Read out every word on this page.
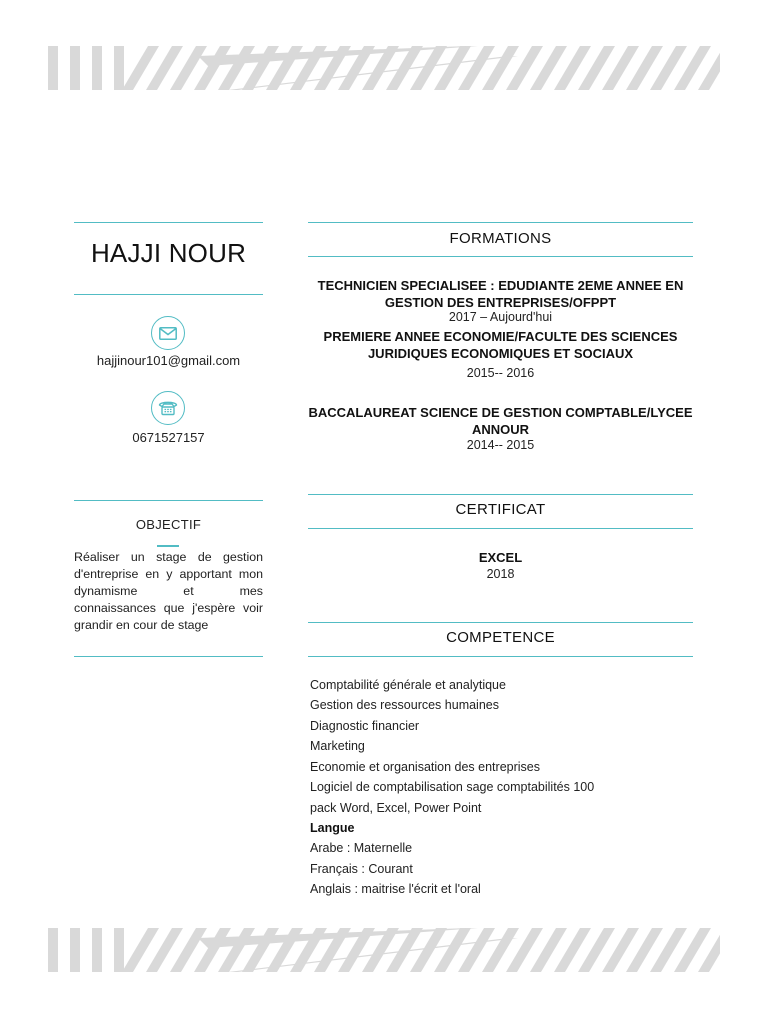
HAJJI NOUR
hajjinour101@gmail.com
0671527157
OBJECTIF
Réaliser un stage de gestion d'entreprise en y apportant mon dynamisme et mes connaissances que j'espère voir grandir en cour de stage
FORMATIONS
TECHNICIEN SPECIALISEE : EDUDIANTE 2EME ANNEE EN GESTION DES ENTREPRISES/OFPPT
2017 – Aujourd'hui
PREMIERE ANNEE ECONOMIE/FACULTE DES SCIENCES JURIDIQUES ECONOMIQUES ET SOCIAUX
2015-- 2016
BACCALAUREAT SCIENCE DE GESTION COMPTABLE/LYCEE ANNOUR
2014-- 2015
CERTIFICAT
EXCEL
2018
COMPETENCE
Comptabilité générale et analytique
Gestion des ressources humaines
Diagnostic financier
Marketing
Economie et organisation des entreprises
Logiciel de comptabilisation sage comptabilités 100
pack Word, Excel, Power Point
Langue
Arabe : Maternelle
Français : Courant
Anglais : maitrise l'écrit et l'oral
